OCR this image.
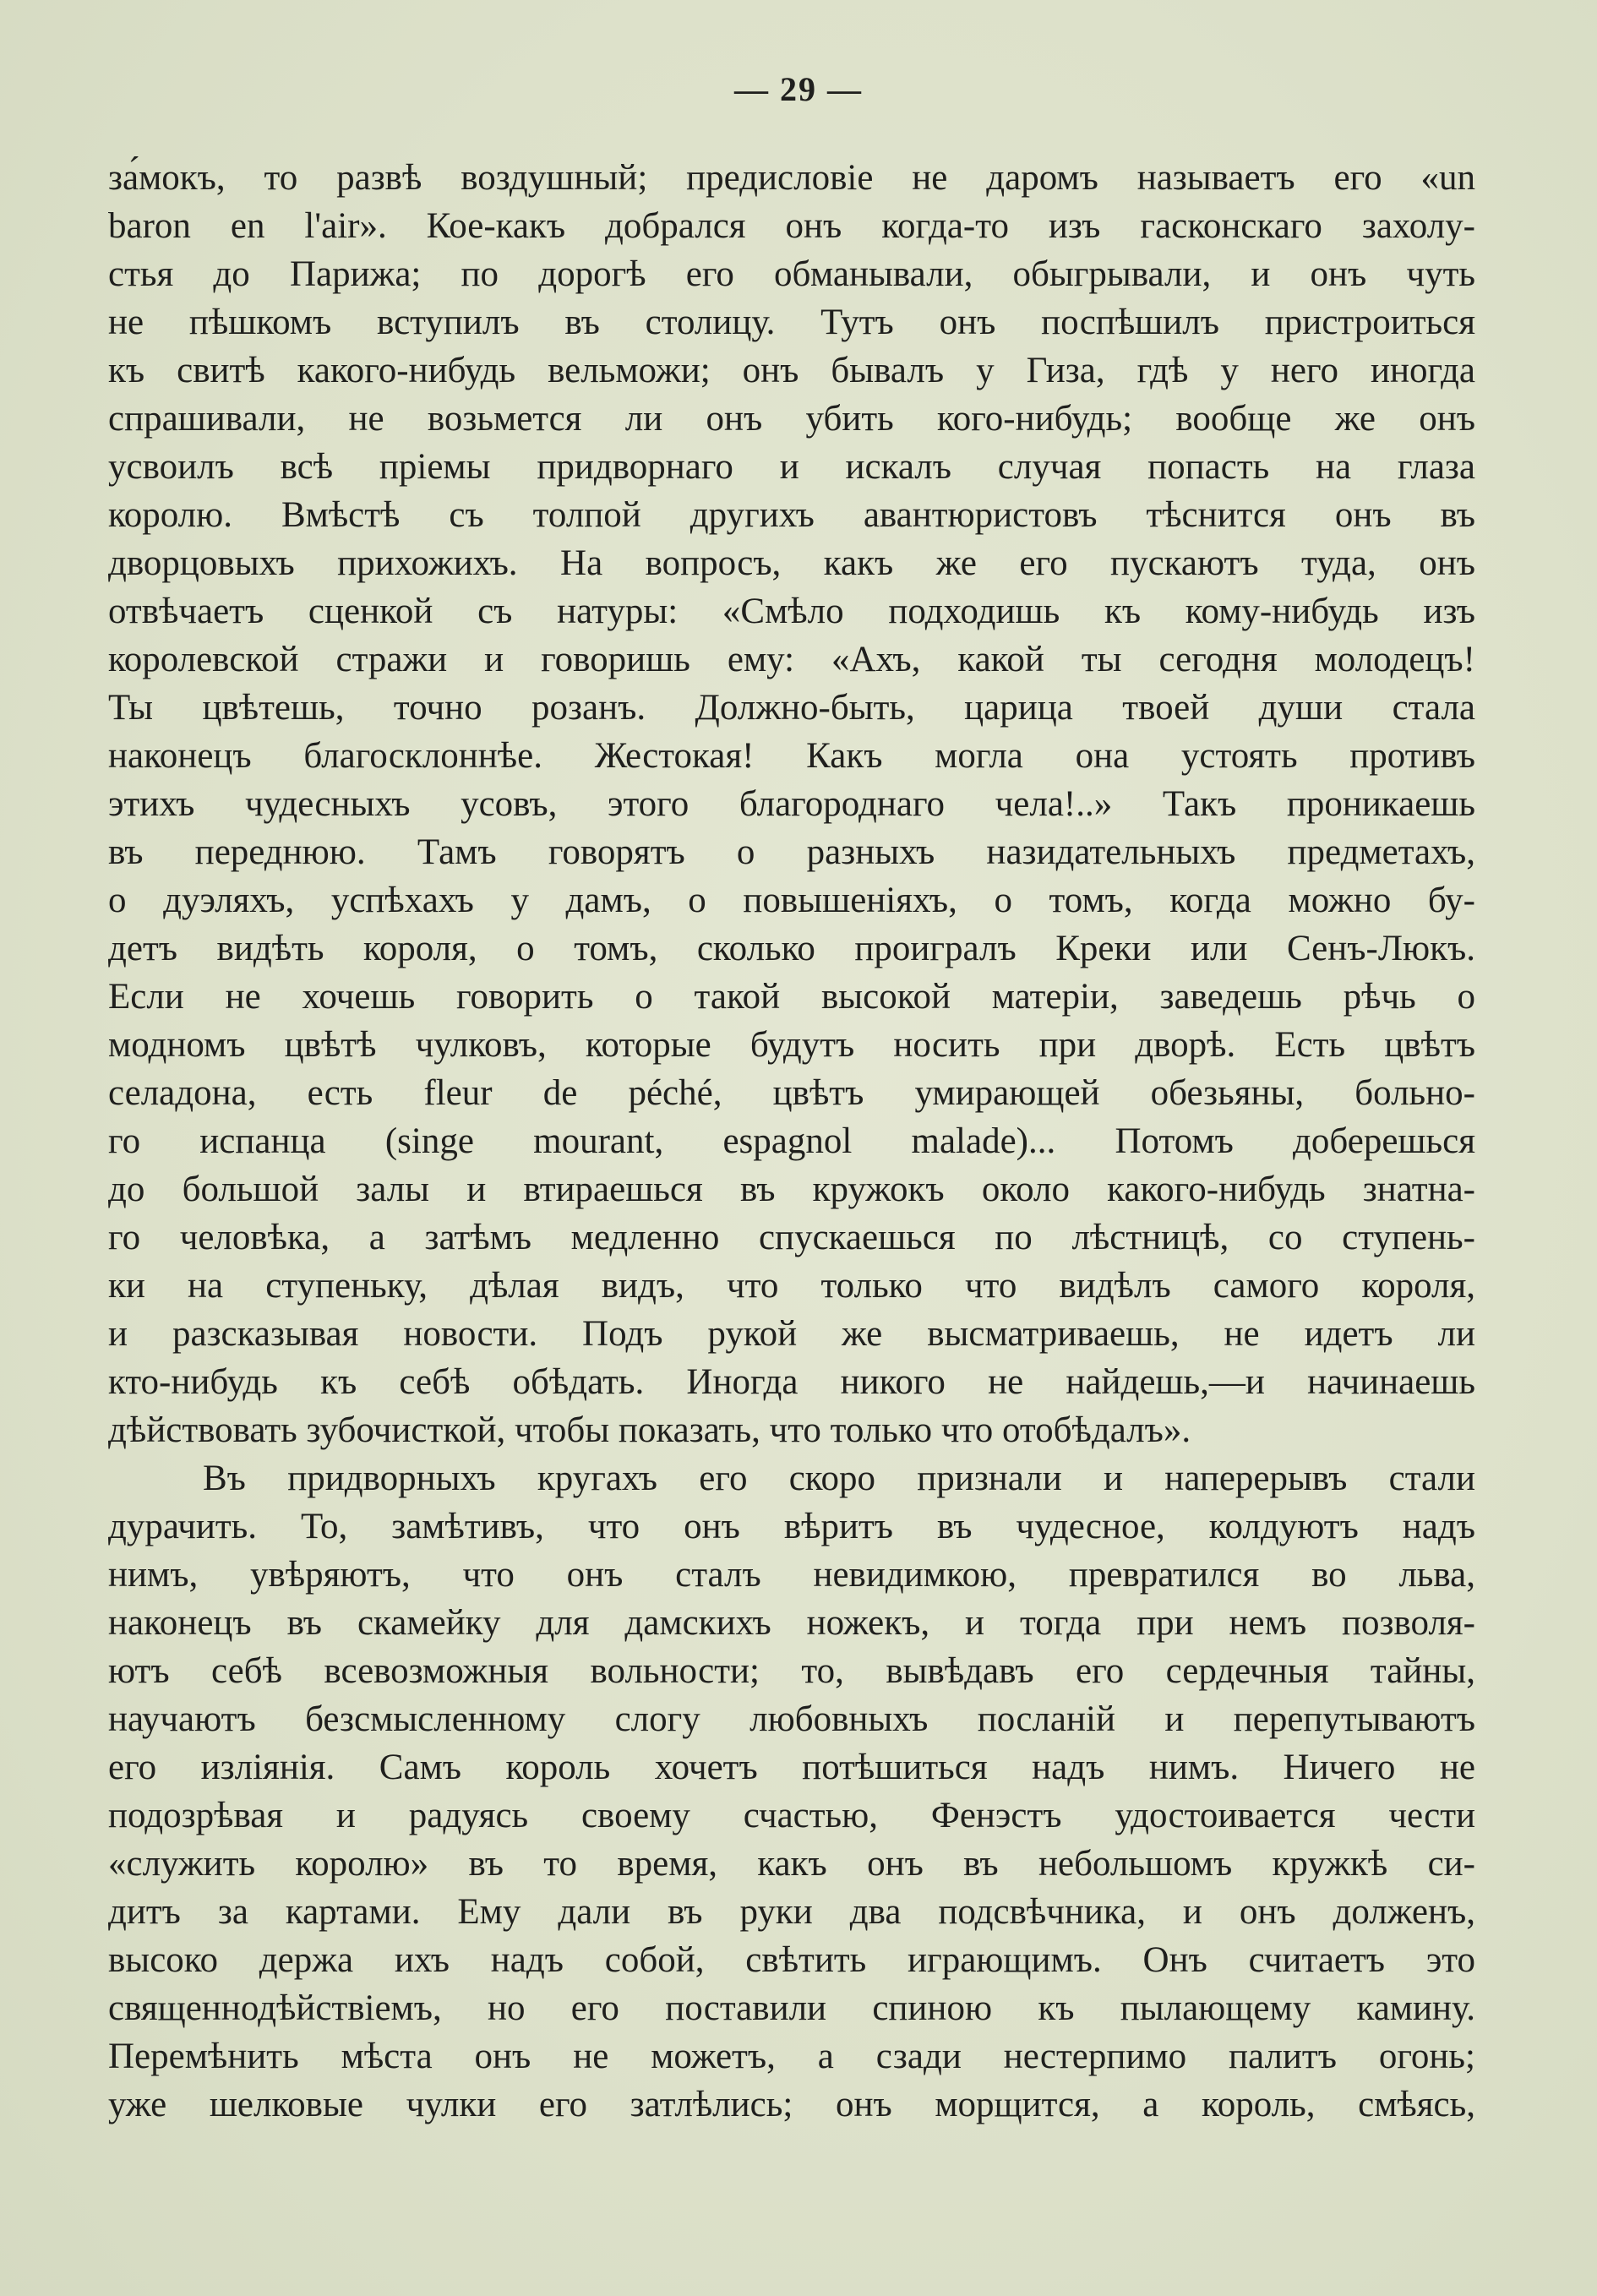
— 29 —
за́мокъ, то развѣ воздушный; предисловіе не даромъ называетъ его «un
baron en l'air». Кое-какъ добрался онъ когда-то изъ гасконскаго захолу-
стья до Парижа; по дорогѣ его обманывали, обыгрывали, и онъ чуть
не пѣшкомъ вступилъ въ столицу. Тутъ онъ поспѣшилъ пристроиться
къ свитѣ какого-нибудь вельможи; онъ бывалъ у Гиза, гдѣ у него иногда
спрашивали, не возьмется ли онъ убить кого-нибудь; вообще же онъ
усвоилъ всѣ пріемы придворнаго и искалъ случая попасть на глаза
королю. Вмѣстѣ съ толпой другихъ авантюристовъ тѣснится онъ въ
дворцовыхъ прихожихъ. На вопросъ, какъ же его пускаютъ туда, онъ
отвѣчаетъ сценкой съ натуры: «Смѣло подходишь къ кому-нибудь изъ
королевской стражи и говоришь ему: «Ахъ, какой ты сегодня молодецъ!
Ты цвѣтешь, точно розанъ. Должно-быть, царица твоей души стала
наконецъ благосклоннѣе. Жестокая! Какъ могла она устоять противъ
этихъ чудесныхъ усовъ, этого благороднаго чела!..» Такъ проникаешь
въ переднюю. Тамъ говорятъ о разныхъ назидательныхъ предметахъ,
о дуэляхъ, успѣхахъ у дамъ, о повышеніяхъ, о томъ, когда можно бу-
детъ видѣть короля, о томъ, сколько проигралъ Креки или Сенъ-Люкъ.
Если не хочешь говорить о такой высокой матеріи, заведешь рѣчь о
модномъ цвѣтѣ чулковъ, которые будутъ носить при дворѣ. Есть цвѣтъ
селадона, есть fleur de péché, цвѣтъ умирающей обезьяны, больно-
го испанца (singe mourant, espagnol malade)... Потомъ доберешься
до большой залы и втираешься въ кружокъ около какого-нибудь знатна-
го человѣка, а затѣмъ медленно спускаешься по лѣстницѣ, со ступень-
ки на ступеньку, дѣлая видъ, что только что видѣлъ самого короля,
и разсказывая новости. Подъ рукой же высматриваешь, не идетъ ли
кто-нибудь къ себѣ обѣдать. Иногда никого не найдешь,—и начинаешь
дѣйствовать зубочисткой, чтобы показать, что только что отобѣдалъ».
Въ придворныхъ кругахъ его скоро признали и наперерывъ стали
дурачить. То, замѣтивъ, что онъ вѣритъ въ чудесное, колдуютъ надъ
нимъ, увѣряютъ, что онъ сталъ невидимкою, превратился во льва,
наконецъ въ скамейку для дамскихъ ножекъ, и тогда при немъ позволя-
ютъ себѣ всевозможныя вольности; то, вывѣдавъ его сердечныя тайны,
научаютъ безсмысленному слогу любовныхъ посланій и перепутываютъ
его изліянія. Самъ король хочетъ потѣшиться надъ нимъ. Ничего не
подозрѣвая и радуясь своему счастью, Фенэстъ удостоивается чести
«служить королю» въ то время, какъ онъ въ небольшомъ кружкѣ си-
дитъ за картами. Ему дали въ руки два подсвѣчника, и онъ долженъ,
высоко держа ихъ надъ собой, свѣтить играющимъ. Онъ считаетъ это
священнодѣйствіемъ, но его поставили спиною къ пылающему камину.
Перемѣнить мѣста онъ не можетъ, а сзади нестерпимо палитъ огонь;
уже шелковые чулки его затлѣлись; онъ морщится, а король, смѣясь,
